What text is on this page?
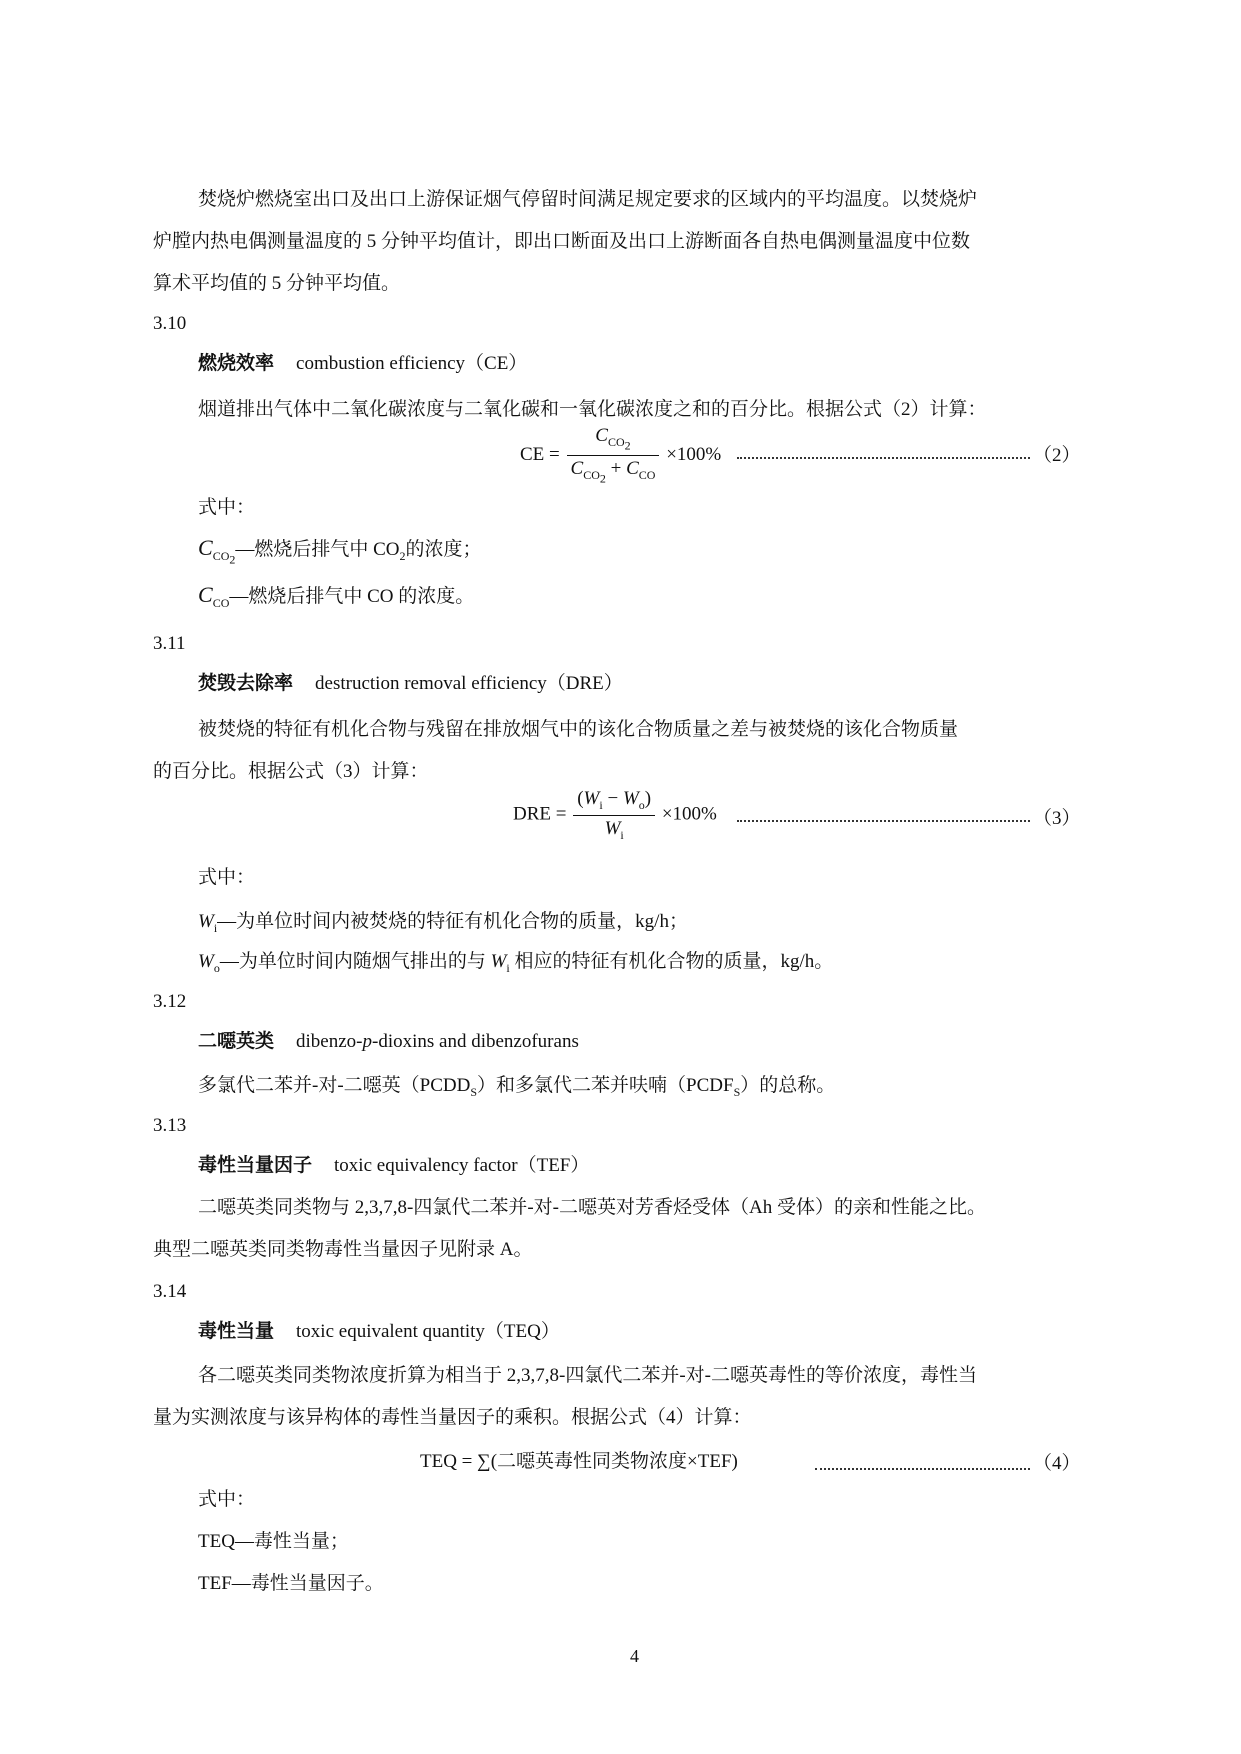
焚烧炉燃烧室出口及出口上游保证烟气停留时间满足规定要求的区域内的平均温度。以焚烧炉
炉膛内热电偶测量温度的 5 分钟平均值计，即出口断面及出口上游断面各自热电偶测量温度中位数
算术平均值的 5 分钟平均值。
3.10
燃烧效率 combustion efficiency（CE）
烟道排出气体中二氧化碳浓度与二氧化碳和一氧化碳浓度之和的百分比。根据公式（2）计算：
CE = $\frac{C_{CO_2}}{C_{CO_2} + C_{CO}} \times 100\%$	（2）
式中：
$C_{CO_2}—$燃烧后排气中 $CO_2$的浓度；
$C_{CO}—$燃烧后排气中 CO 的浓度。
3.11
焚毁去除率 destruction removal efficiency（DRE）
被焚烧的特征有机化合物与残留在排放烟气中的该化合物质量之差与被焚烧的该化合物质量
的百分比。根据公式（3）计算：
DRE = $\frac{(W_i - W_o)}{W_i} \times 100\%$	（3）
式中：
$W_i—$为单位时间内被焚烧的特征有机化合物的质量，kg/h；
$W_o—$为单位时间内随烟气排出的与 $W_i$ 相应的特征有机化合物的质量，kg/h。
3.12
二噁英类 dibenzo-p-dioxins and dibenzofurans
多氯代二苯并-对-二噁英$(PCDD_S)$和多氯代二苯并呋喃$(PCDF_S)$的总称。
3.13
毒性当量因子 toxic equivalency factor（TEF）
二噁英类同类物与 2,3,7,8-四氯代二苯并-对-二噁英对芳香烃受体（Ah 受体）的亲和性能之比。
典型二噁英类同类物毒性当量因子见附录 A。
3.14
毒性当量 toxic equivalent quantity（TEQ）
各二噁英类同类物浓度折算为相当于 2,3,7,8-四氯代二苯并-对-二噁英毒性的等价浓度，毒性当
量为实测浓度与该异构体的毒性当量因子的乘积。根据公式（4）计算：
TEQ = ∑(二噁英毒性同类物浓度×TEF)	（4）
式中：
TEQ—毒性当量；
TEF—毒性当量因子。
4
